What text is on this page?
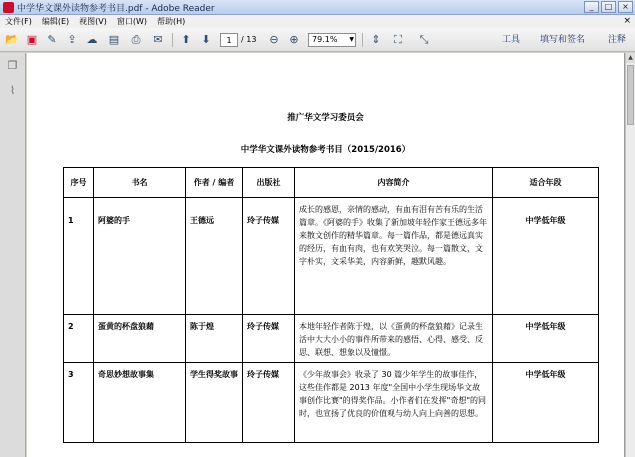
中学华文课外读物参考书目.pdf - Adobe Reader	_	□	×
文件(F)	编辑(E)	视图(V)	窗口(W)	帮助(H)	×
📂 ▣ ✎ ⇪ ☁ ▤	⎙	✉	⬆ ⬇
1	/ 13	⊖ ⊕	79.1% ▼	⇕	⛶	⤡	工具 填写和签名	注释
❐
⌇
推广华文学习委员会
中学华文课外读物参考书目（2015/2016）
序号	书名	作者 / 编者	出版社	内容简介	适合年段
1	阿婆的手	王德远	玲子传媒	成长的感恩，亲情的感动，有血有泪有苦有乐的生活篇章。《阿婆的手》收集了新加坡年轻作家王德远多年来散文创作的精华篇章。每一篇作品，都是德远真实的经历，有血有肉，也有欢笑哭泣。每一篇散文，文字朴实，文采华美，内容新鲜，趣默风趣。	中学低年级
2	蛋黄的杯盘狼藉	陈于煌	玲子传媒	本地年轻作者陈于煌，以《蛋黄的杯盘狼藉》记录生活中大大小小的事件所带来的感悟、心得、感受、反思、联想、想象以及憧憬。	中学低年级
3	奇思妙想故事集	学生得奖故事	玲子传媒	《少年故事会》收录了 30 篇少年学生的故事佳作，这些佳作都是 2013 年度"全国中小学生现场华文故事创作比赛"的得奖作品。小作者们在发挥"奇想"的同时，也宣扬了优良的价值观与幼人向上向善的思想。	中学低年级
▲
